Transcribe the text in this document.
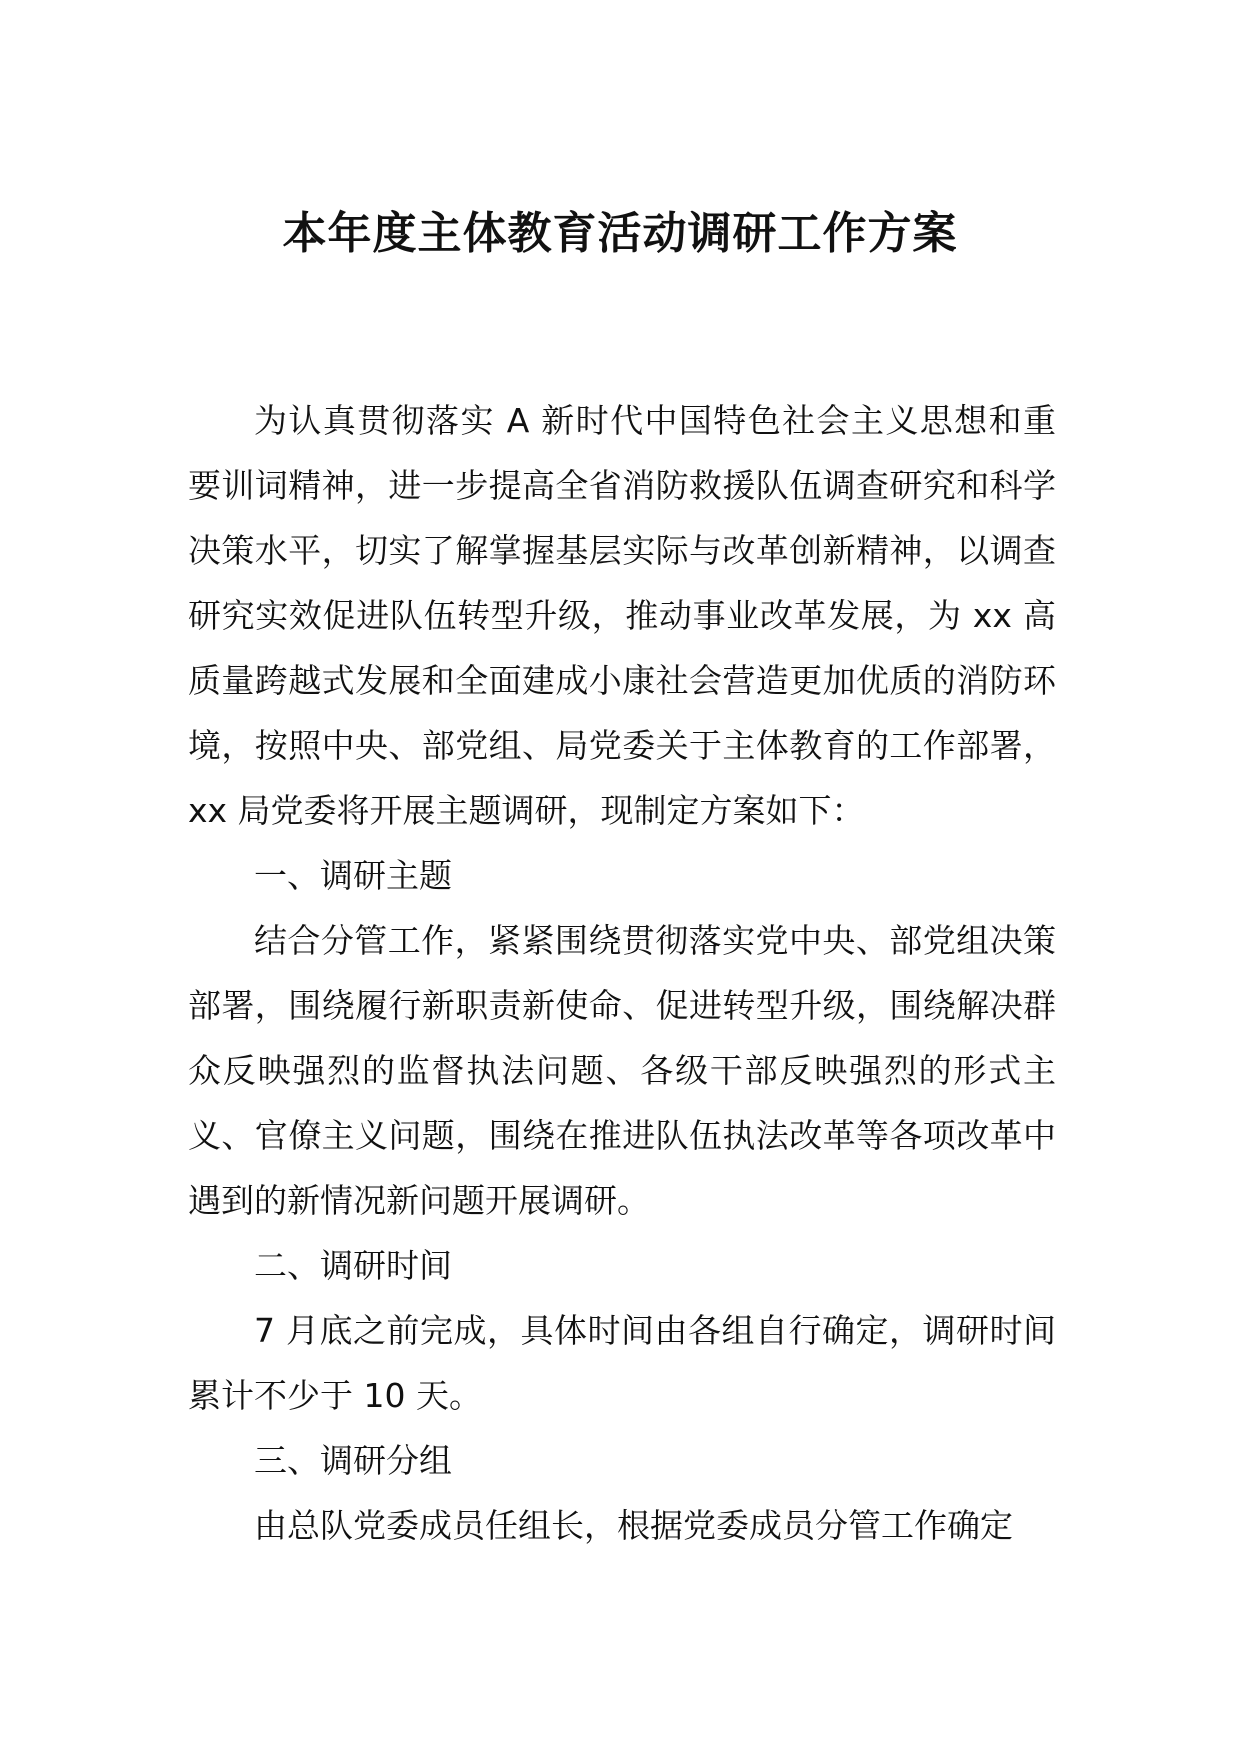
本年度主体教育活动调研工作方案

为认真贯彻落实 A 新时代中国特色社会主义思想和重要训词精神，进一步提高全省消防救援队伍调查研究和科学决策水平，切实了解掌握基层实际与改革创新精神，以调查研究实效促进队伍转型升级，推动事业改革发展，为 xx 高质量跨越式发展和全面建成小康社会营造更加优质的消防环境，按照中央、部党组、局党委关于主体教育的工作部署，xx 局党委将开展主题调研，现制定方案如下：

一、调研主题

结合分管工作，紧紧围绕贯彻落实党中央、部党组决策部署，围绕履行新职责新使命、促进转型升级，围绕解决群众反映强烈的监督执法问题、各级干部反映强烈的形式主义、官僚主义问题，围绕在推进队伍执法改革等各项改革中遇到的新情况新问题开展调研。

二、调研时间

7 月底之前完成，具体时间由各组自行确定，调研时间累计不少于 10 天。

三、调研分组

由总队党委成员任组长，根据党委成员分管工作确定
